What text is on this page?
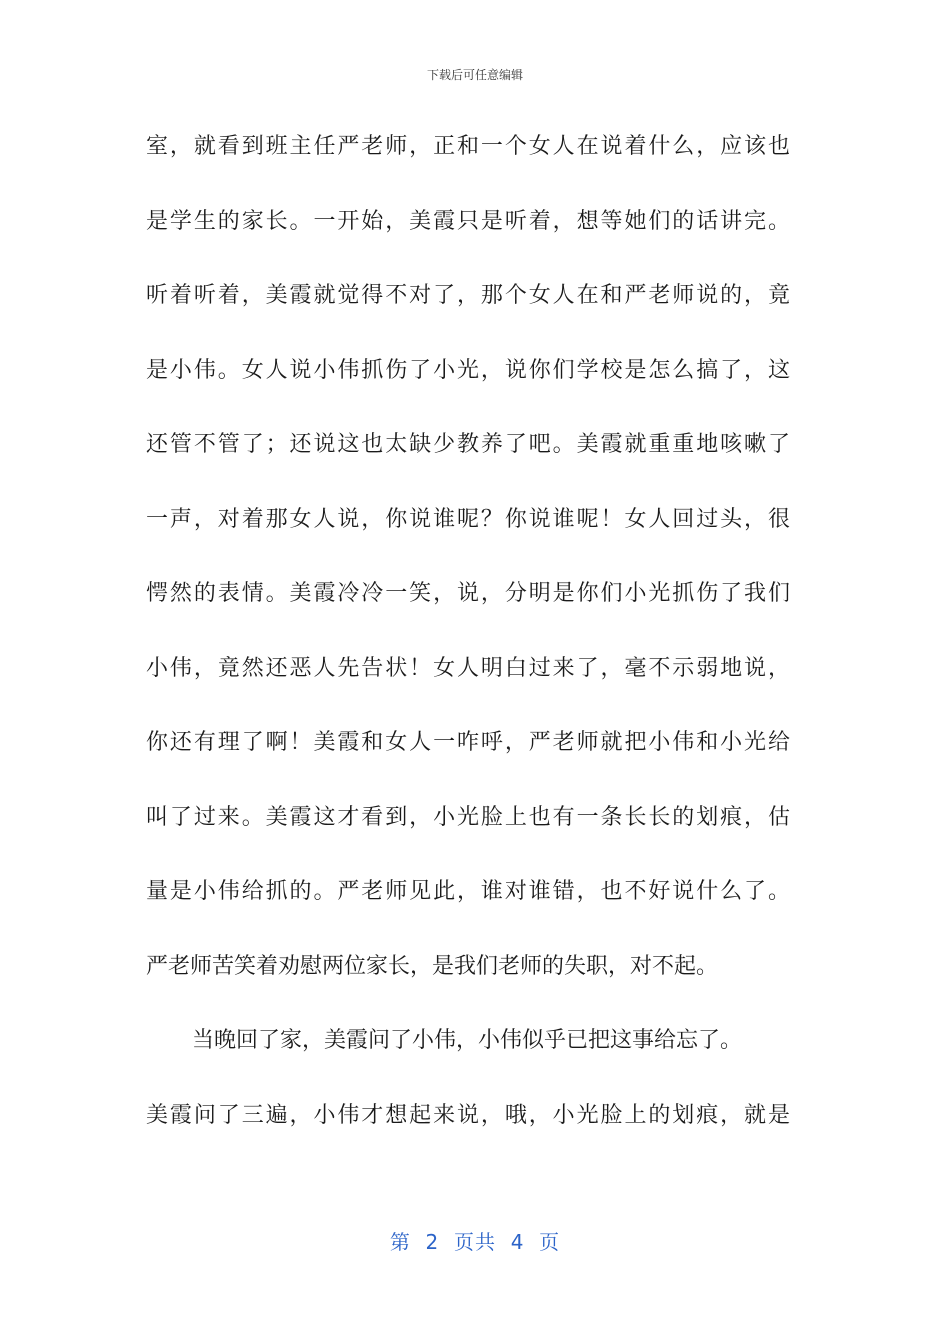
下载后可任意编辑
室 ， 就 看 到 班 主 任 严 老 师 ， 正 和 一 个 女 人 在 说 着 什 么 ， 应 该 也
是 学 生 的 家 长 。 一 开 始 ， 美 霞 只 是 听 着 ， 想 等 她 们 的 话 讲 完 。
听 着 听 着 ， 美 霞 就 觉 得 不 对 了 ， 那 个 女 人 在 和 严 老 师 说 的 ， 竟
是 小 伟 。 女 人 说 小 伟 抓 伤 了 小 光 ， 说 你 们 学 校 是 怎 么 搞 了 ， 这
还 管 不 管 了 ； 还 说 这 也 太 缺 少 教 养 了 吧 。 美 霞 就 重 重 地 咳 嗽 了
一 声 ， 对 着 那 女 人 说 ， 你 说 谁 呢 ？ 你 说 谁 呢 ！ 女 人 回 过 头 ， 很
愕 然 的 表 情 。 美 霞 冷 冷 一 笑 ， 说 ， 分 明 是 你 们 小 光 抓 伤 了 我 们
小 伟 ， 竟 然 还 恶 人 先 告 状 ！ 女 人 明 白 过 来 了 ， 毫 不 示 弱 地 说 ，
你 还 有 理 了 啊 ！ 美 霞 和 女 人 一 咋 呼 ， 严 老 师 就 把 小 伟 和 小 光 给
叫 了 过 来 。 美 霞 这 才 看 到 ， 小 光 脸 上 也 有 一 条 长 长 的 划 痕 ， 估
量 是 小 伟 给 抓 的 。 严 老 师 见 此 ， 谁 对 谁 错 ， 也 不 好 说 什 么 了 。
严老师苦笑着劝慰两位家长，是我们老师的失职，对不起。
当晚回了家，美霞问了小伟，小伟似乎已把这事给忘了。
美 霞 问 了 三 遍 ， 小 伟 才 想 起 来 说 ， 哦 ， 小 光 脸 上 的 划 痕 ， 就 是
第  2  页共  4  页
